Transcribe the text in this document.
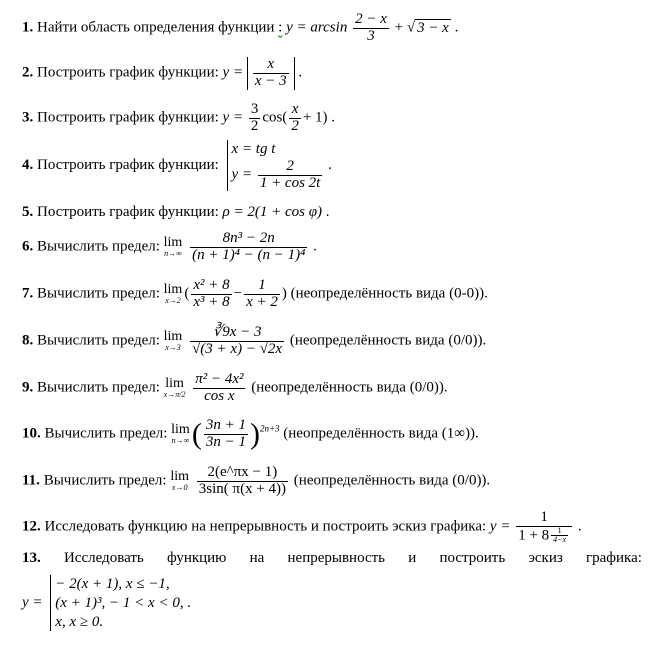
1. Найти область определения функции : $y = \arcsin \frac{2 - x}{3}$ + √ 3 − x .
2. Построить график функции: $y = \frac{x}{x - 3}$ .
3. Построить график функции: $y = \frac{3}{2} \cos( \frac{x}{2} + 1)$ .
4. Построить график функции:
x = tg t
$y = \frac{2}{1 + \cos 2t}$ .
5. Построить график функции: ρ = 2(1 + cos φ) .
6. Вычислить предел: lim
n→∞
$\frac{\text{8n³ − 2n}}{\text{(n + 1)⁴ − (n − 1)⁴}}$ .
7. Вычислить предел: lim
x→2 ( $\frac{\text{x² + 8}}{\text{x³ + 8}} - \frac{1}{x + 2}$ ) (неопределённость вида (0-0)).
8. Вычислить предел: lim
x→3
$\frac{∛9x - 3}{√(3 + x) - √2x}$ (неопределённость вида (0/0)).
9. Вычислить предел: lim
x→π/2
$\frac{\text{π² − 4x²}}{\text{cos x}}$ (неопределённость вида (0/0)).
10. Вычислить предел: lim
n→∞ ( $\frac{3n + 1}{3n - 1} )^{2n+3}$ (неопределённость вида (1∞)).
11. Вычислить предел: lim
x→0
$\frac{2(e\^{}\pi x - 1)}{3\sin( \pi(x + 4))}$ (неопределённость вида (0/0)).
12. Исследовать функцию на непрерывность и построить эскиз графика: $y = \frac{1}{1 + 8 \frac{1}{4-x}}$ .
13. Исследовать функцию на непрерывность и построить эскиз графика:
y =
− 2(x + 1), x ≤ −1,
(x + 1)³, − 1 < x < 0, .
x, x ≥ 0.
